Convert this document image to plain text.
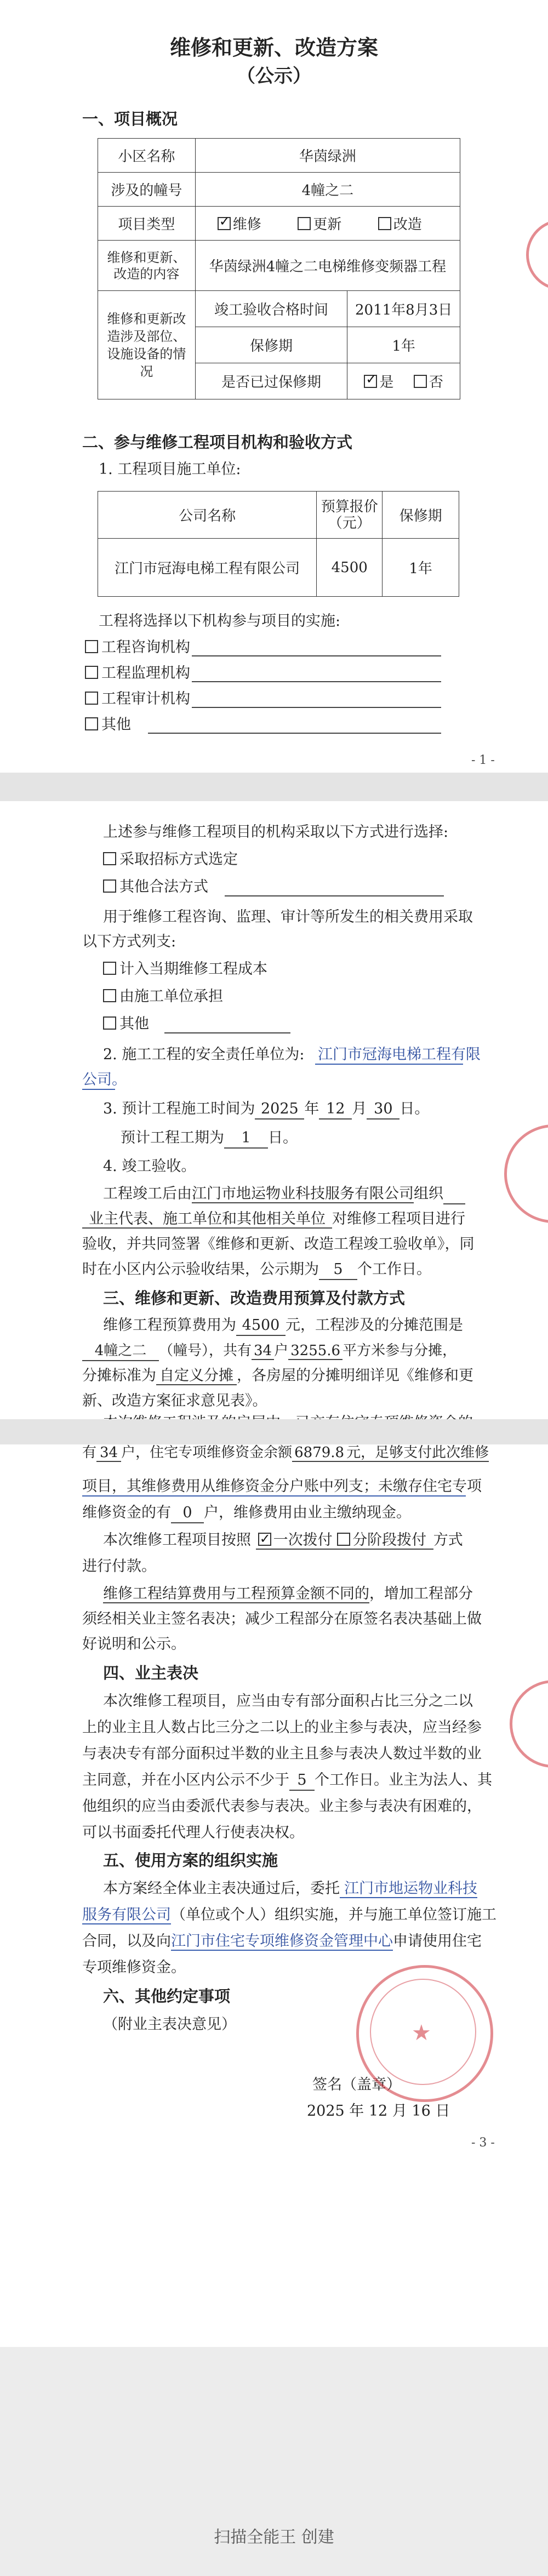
维修和更新、改造方案
（公示）
一、项目概况
小区名称	华茵绿洲	
涉及的幢号	4幢之二	
项目类型	✓维修 更新 改造
维修和更新、改造的内容	华茵绿洲4幢之二电梯维修变频器工程	
维修和更新改造涉及部位、设施设备的情况	竣工验收合格时间	2011年8月3日
	保修期	1年
	是否已过保修期	✓是 否
二、参与维修工程项目机构和验收方式
1. 工程项目施工单位:
公司名称	预算报价（元）	保修期
江门市冠海电梯工程有限公司	4500	1年
工程将选择以下机构参与项目的实施:
工程咨询机构
工程监理机构
工程审计机构
其他
- 1 -
上述参与维修工程项目的机构采取以下方式进行选择:
采取招标方式选定
其他合法方式
用于维修工程咨询、监理、审计等所发生的相关费用采取
以下方式列支:
计入当期维修工程成本
由施工单位承担
其他
2. 施工工程的安全责任单位为: 江门市冠海电梯工程有限
公司。
3. 预计工程施工时间为 2025 年 12 月 30 日。
预计工程工期为 1 日。
4. 竣工验收。
工程竣工后由江门市地运物业科技服务有限公司组织
业主代表、施工单位和其他相关单位 对维修工程项目进行
验收，并共同签署《维修和更新、改造工程竣工验收单》，同
时在小区内公示验收结果，公示期为 5 个工作日。
三、维修和更新、改造费用预算及付款方式
维修工程预算费用为 4500 元，工程涉及的分摊范围是
4幢之二 （幢号），共有 34 户 3255.6 平方米参与分摊，
分摊标准为 自定义分摊 ，各房屋的分摊明细详见《维修和更
新、改造方案征求意见表》。
有 34 户，住宅专项维修资金余额 6879.8 元，足够支付此次维修
项目，其维修费用从维修资金分户账中列支；未缴存住宅专项
维修资金的有 0 户，维修费用由业主缴纳现金。
本次维修工程项目按照 ✓ 一次拨付 分阶段拨付 方式
进行付款。
维修工程结算费用与工程预算金额不同的，增加工程部分
须经相关业主签名表决；减少工程部分在原签名表决基础上做
好说明和公示。
四、业主表决
本次维修工程项目，应当由专有部分面积占比三分之二以
上的业主且人数占比三分之二以上的业主参与表决，应当经参
与表决专有部分面积过半数的业主且参与表决人数过半数的业
主同意，并在小区内公示不少于 5 个工作日。业主为法人、其
他组织的应当由委派代表参与表决。业主参与表决有困难的，
可以书面委托代理人行使表决权。
五、使用方案的组织实施
本方案经全体业主表决通过后，委托 江门市地运物业科技
服务有限公司（单位或个人）组织实施，并与施工单位签订施工
合同，以及向江门市住宅专项维修资金管理中心申请使用住宅
专项维修资金。
六、其他约定事项
（附业主表决意见）
签名（盖章）
2025 年 12 月 16 日
- 3 -
★
扫描全能王 创建
